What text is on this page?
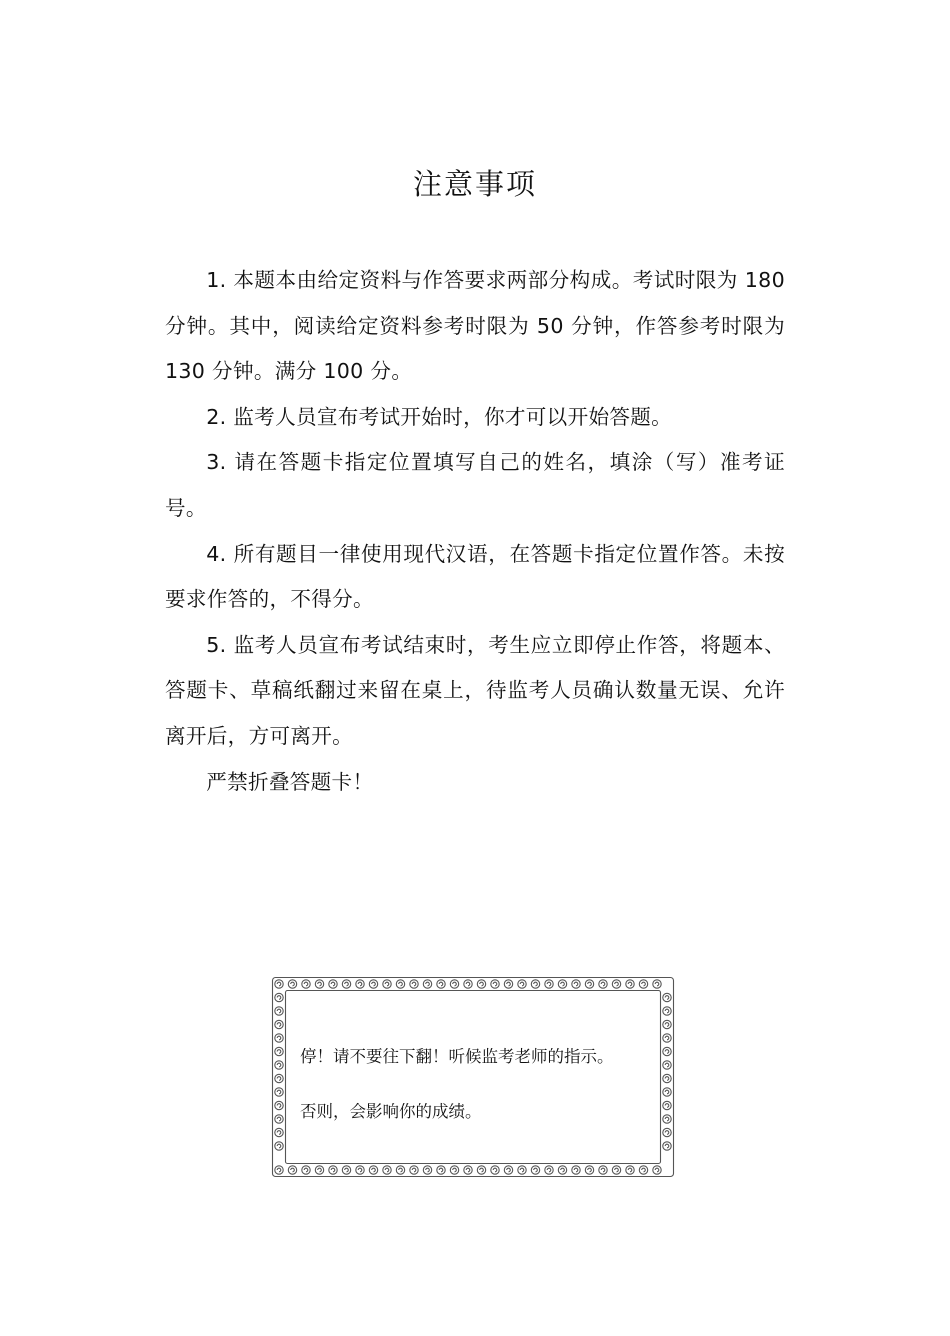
注意事项

1. 本题本由给定资料与作答要求两部分构成。考试时限为 180 分钟。其中，阅读给定资料参考时限为 50 分钟，作答参考时限为 130 分钟。满分 100 分。

2. 监考人员宣布考试开始时，你才可以开始答题。

3. 请在答题卡指定位置填写自己的姓名，填涂（写）准考证号。

4. 所有题目一律使用现代汉语，在答题卡指定位置作答。未按要求作答的，不得分。

5. 监考人员宣布考试结束时，考生应立即停止作答，将题本、答题卡、草稿纸翻过来留在桌上，待监考人员确认数量无误、允许离开后，方可离开。

严禁折叠答题卡！

停！请不要往下翻！听候监考老师的指示。
否则，会影响你的成绩。
